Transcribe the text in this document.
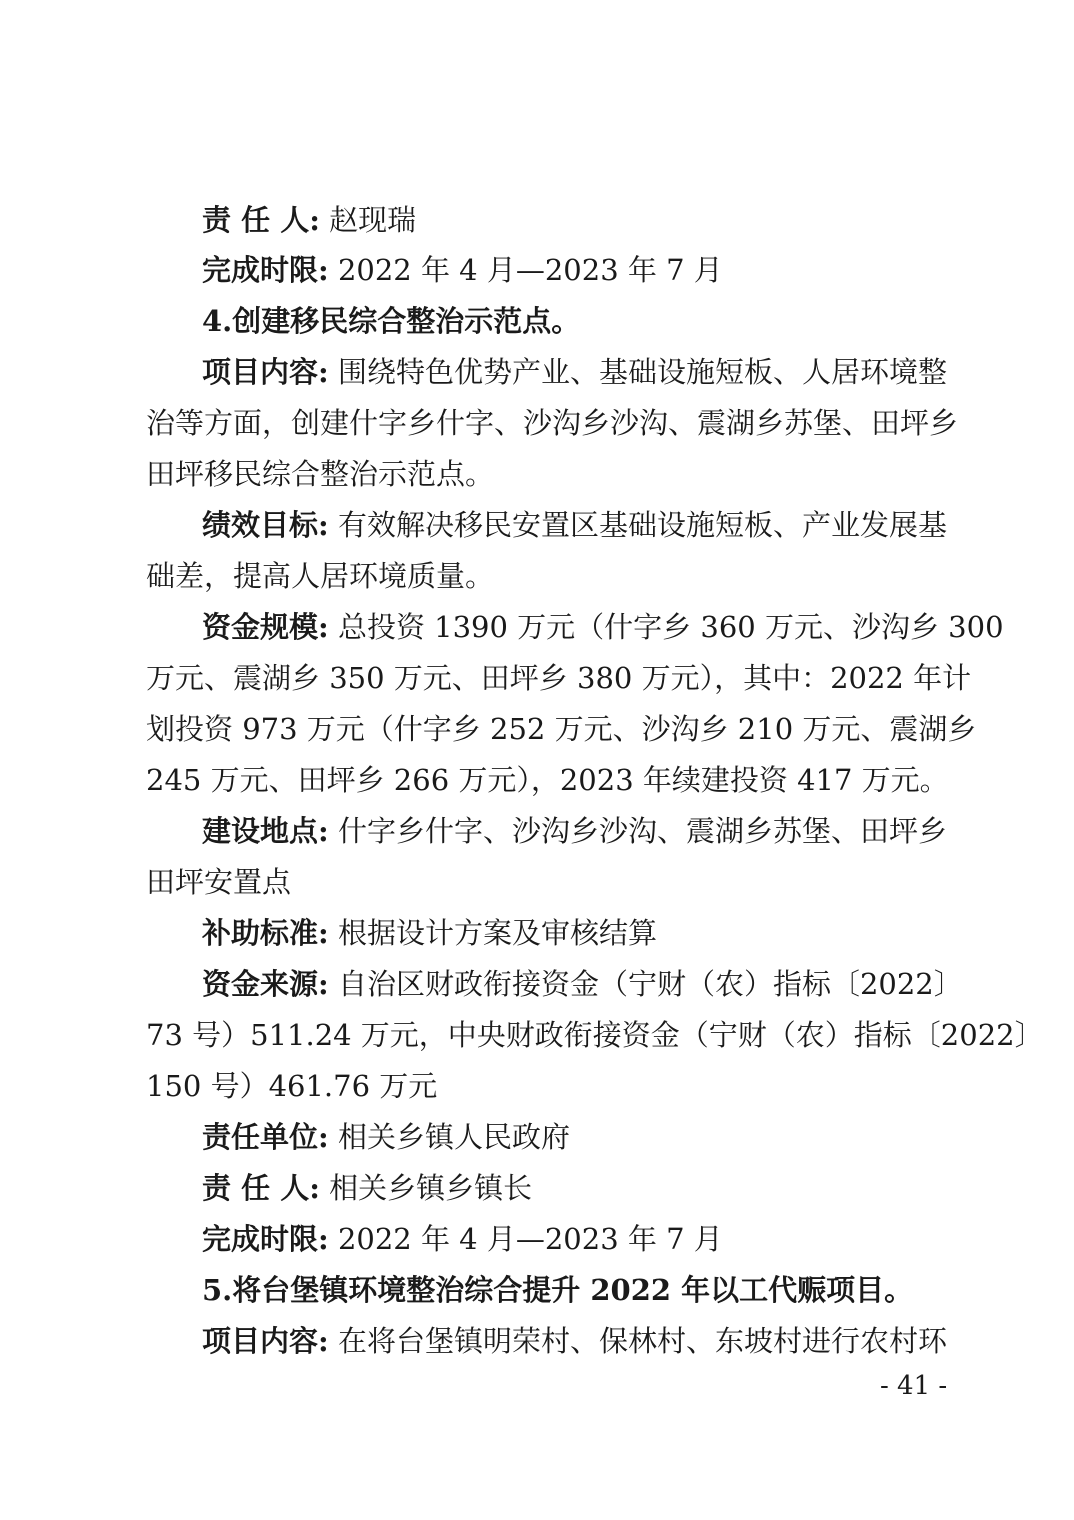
责 任 人: 赵现瑞
完成时限: 2022 年 4 月—2023 年 7 月
4.创建移民综合整治示范点。
项目内容: 围绕特色优势产业、基础设施短板、人居环境整
治等方面，创建什字乡什字、沙沟乡沙沟、震湖乡苏堡、田坪乡
田坪移民综合整治示范点。
绩效目标: 有效解决移民安置区基础设施短板、产业发展基
础差，提高人居环境质量。
资金规模: 总投资 1390 万元（什字乡 360 万元、沙沟乡 300
万元、震湖乡 350 万元、田坪乡 380 万元），其中：2022 年计
划投资 973 万元（什字乡 252 万元、沙沟乡 210 万元、震湖乡
245 万元、田坪乡 266 万元），2023 年续建投资 417 万元。
建设地点: 什字乡什字、沙沟乡沙沟、震湖乡苏堡、田坪乡
田坪安置点
补助标准: 根据设计方案及审核结算
资金来源: 自治区财政衔接资金（宁财（农）指标〔2022〕
73 号）511.24 万元，中央财政衔接资金（宁财（农）指标〔2022〕
150 号）461.76 万元
责任单位: 相关乡镇人民政府
责 任 人: 相关乡镇乡镇长
完成时限: 2022 年 4 月—2023 年 7 月
5.将台堡镇环境整治综合提升 2022 年以工代赈项目。
项目内容: 在将台堡镇明荣村、保林村、东坡村进行农村环
- 41 -
